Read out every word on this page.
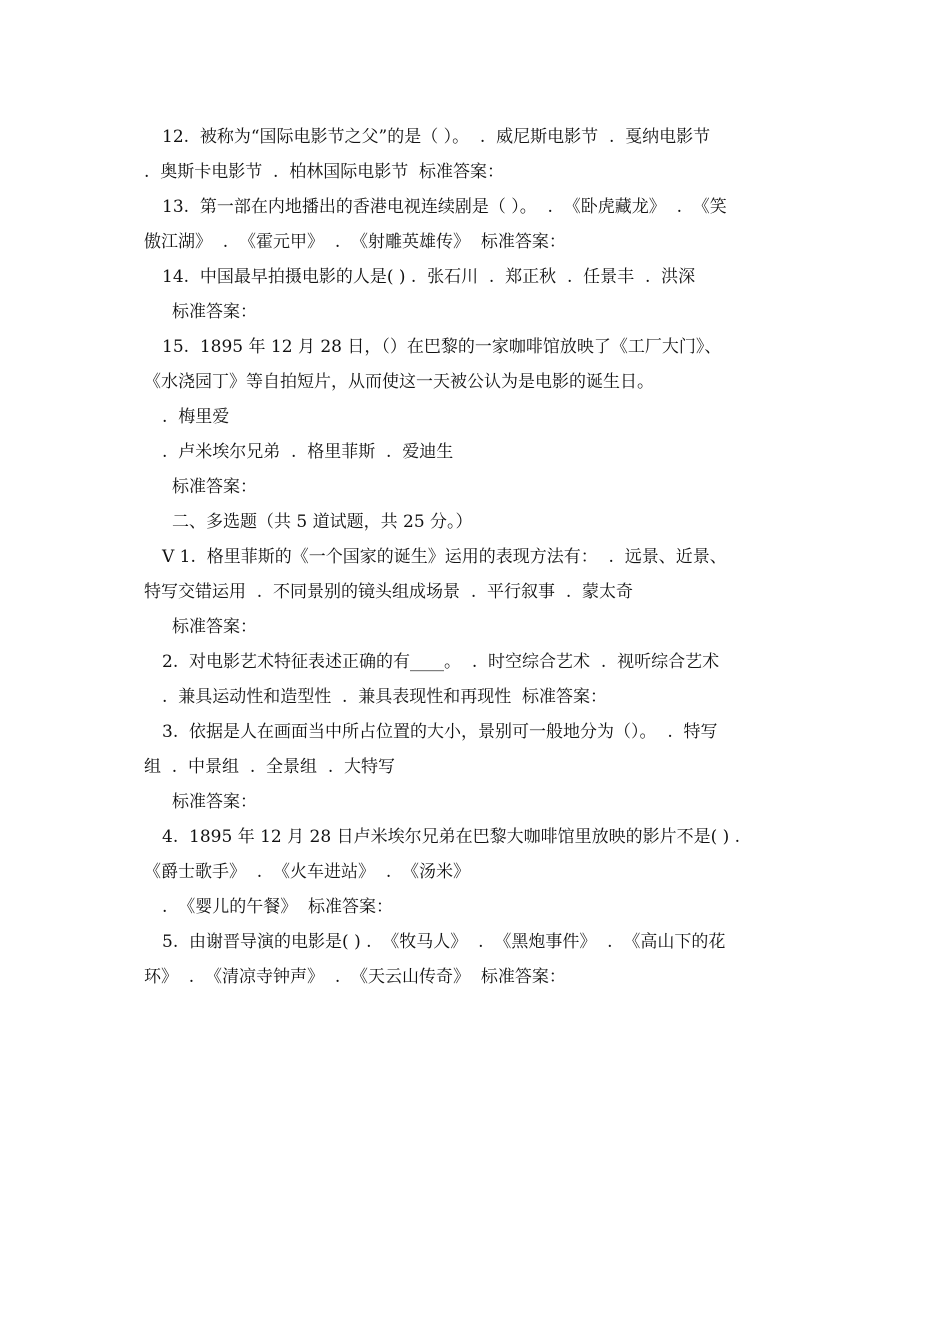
12.  被称为“国际电影节之父”的是（ ）。  .  威尼斯电影节  .  戛纳电影节
.  奥斯卡电影节  .  柏林国际电影节  标准答案：
13.  第一部在内地播出的香港电视连续剧是（ ）。  .  《卧虎藏龙》  .  《笑
傲江湖》  .  《霍元甲》  .  《射雕英雄传》  标准答案：
14.  中国最早拍摄电影的人是( ) .  张石川  .  郑正秋  .  任景丰  .  洪深
标准答案：
15.  1895 年 12 月 28 日，（）在巴黎的一家咖啡馆放映了《工厂大门》、
《水浇园丁》等自拍短片，从而使这一天被公认为是电影的诞生日。
.  梅里爱
.  卢米埃尔兄弟  .  格里菲斯  .  爱迪生
标准答案：
二、多选题（共 5 道试题，共 25 分。）
V 1.  格里菲斯的《一个国家的诞生》运用的表现方法有：  .  远景、近景、
特写交错运用  .  不同景别的镜头组成场景  .  平行叙事  .  蒙太奇
标准答案：
2.  对电影艺术特征表述正确的有____。  .  时空综合艺术  .  视听综合艺术
.  兼具运动性和造型性  .  兼具表现性和再现性  标准答案：
3.  依据是人在画面当中所占位置的大小，景别可一般地分为（）。  .  特写
组  .  中景组  .  全景组  .  大特写
标准答案：
4.  1895 年 12 月 28 日卢米埃尔兄弟在巴黎大咖啡馆里放映的影片不是( ) .
《爵士歌手》  .  《火车进站》  .  《汤米》
.  《婴儿的午餐》  标准答案：
5.  由谢晋导演的电影是( ) .  《牧马人》  .  《黑炮事件》  .  《高山下的花
环》  .  《清凉寺钟声》  .  《天云山传奇》  标准答案：
